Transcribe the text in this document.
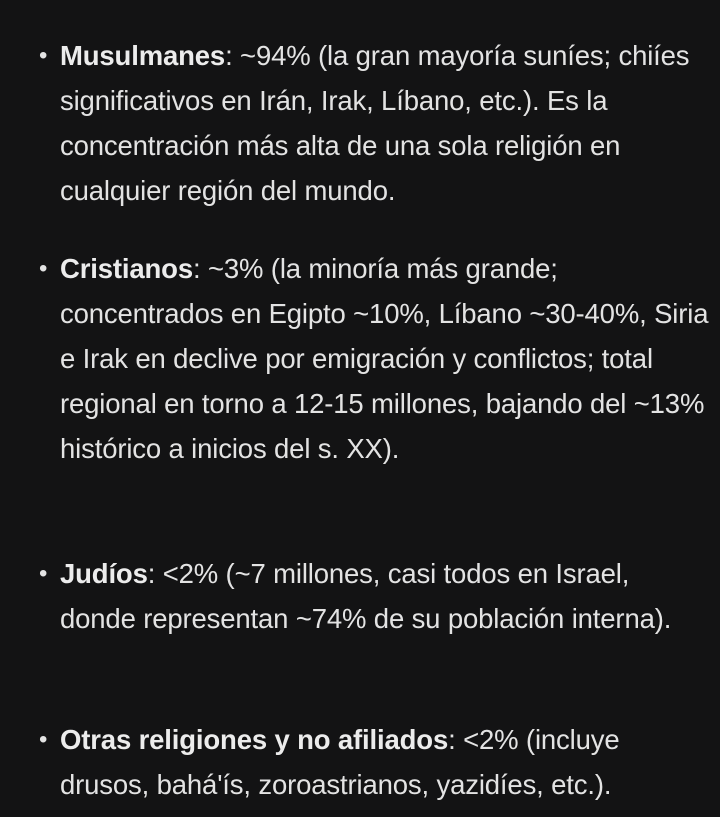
• Musulmanes: ~94% (la gran mayoría suníes; chiíes significativos en Irán, Irak, Líbano, etc.). Es la concentración más alta de una sola religión en cualquier región del mundo.
• Cristianos: ~3% (la minoría más grande; concentrados en Egipto ~10%, Líbano ~30-40%, Siria e Irak en declive por emigración y conflictos; total regional en torno a 12-15 millones, bajando del ~13% histórico a inicios del s. XX).
• Judíos: <2% (~7 millones, casi todos en Israel, donde representan ~74% de su población interna).
• Otras religiones y no afiliados: <2% (incluye drusos, bahá'ís, zoroastrianos, yazidíes, etc.).
